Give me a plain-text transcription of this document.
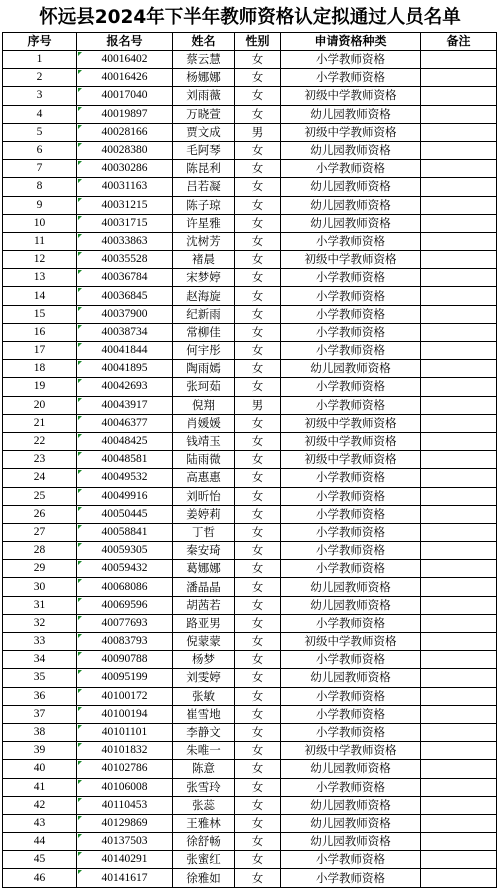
怀远县2024年下半年教师资格认定拟通过人员名单
序号	报名号	姓名	性别	申请资格种类	备注
1	40016402	蔡云慧	女	小学教师资格	
2	40016426	杨娜娜	女	小学教师资格	
3	40017040	刘雨薇	女	初级中学教师资格	
4	40019897	万晓萱	女	幼儿园教师资格	
5	40028166	贾文成	男	初级中学教师资格	
6	40028380	毛阿琴	女	幼儿园教师资格	
7	40030286	陈昆利	女	小学教师资格	
8	40031163	吕若凝	女	幼儿园教师资格	
9	40031215	陈子琼	女	幼儿园教师资格	
10	40031715	许星雅	女	幼儿园教师资格	
11	40033863	沈树芳	女	小学教师资格	
12	40035528	褚晨	女	初级中学教师资格	
13	40036784	宋梦婷	女	小学教师资格	
14	40036845	赵海旋	女	小学教师资格	
15	40037900	纪新雨	女	小学教师资格	
16	40038734	常柳佳	女	小学教师资格	
17	40041844	何宇彤	女	小学教师资格	
18	40041895	陶雨嫣	女	幼儿园教师资格	
19	40042693	张珂茹	女	小学教师资格	
20	40043917	倪翔	男	小学教师资格	
21	40046377	肖媛媛	女	初级中学教师资格	
22	40048425	钱靖玉	女	初级中学教师资格	
23	40048581	陆雨微	女	初级中学教师资格	
24	40049532	高惠惠	女	小学教师资格	
25	40049916	刘昕怡	女	小学教师资格	
26	40050445	姜婷莉	女	小学教师资格	
27	40058841	丁哲	女	小学教师资格	
28	40059305	秦安琦	女	小学教师资格	
29	40059432	葛娜娜	女	小学教师资格	
30	40068086	潘晶晶	女	幼儿园教师资格	
31	40069596	胡茜若	女	幼儿园教师资格	
32	40077693	路亚男	女	小学教师资格	
33	40083793	倪蒙蒙	女	初级中学教师资格	
34	40090788	杨梦	女	小学教师资格	
35	40095199	刘雯婷	女	幼儿园教师资格	
36	40100172	张敏	女	小学教师资格	
37	40100194	崔雪地	女	小学教师资格	
38	40101101	李静文	女	小学教师资格	
39	40101832	朱唯一	女	初级中学教师资格	
40	40102786	陈意	女	幼儿园教师资格	
41	40106008	张雪玲	女	小学教师资格	
42	40110453	张蕊	女	幼儿园教师资格	
43	40129869	王雅林	女	幼儿园教师资格	
44	40137503	徐舒畅	女	幼儿园教师资格	
45	40140291	张蜜红	女	小学教师资格	
46	40141617	徐雅如	女	小学教师资格	
